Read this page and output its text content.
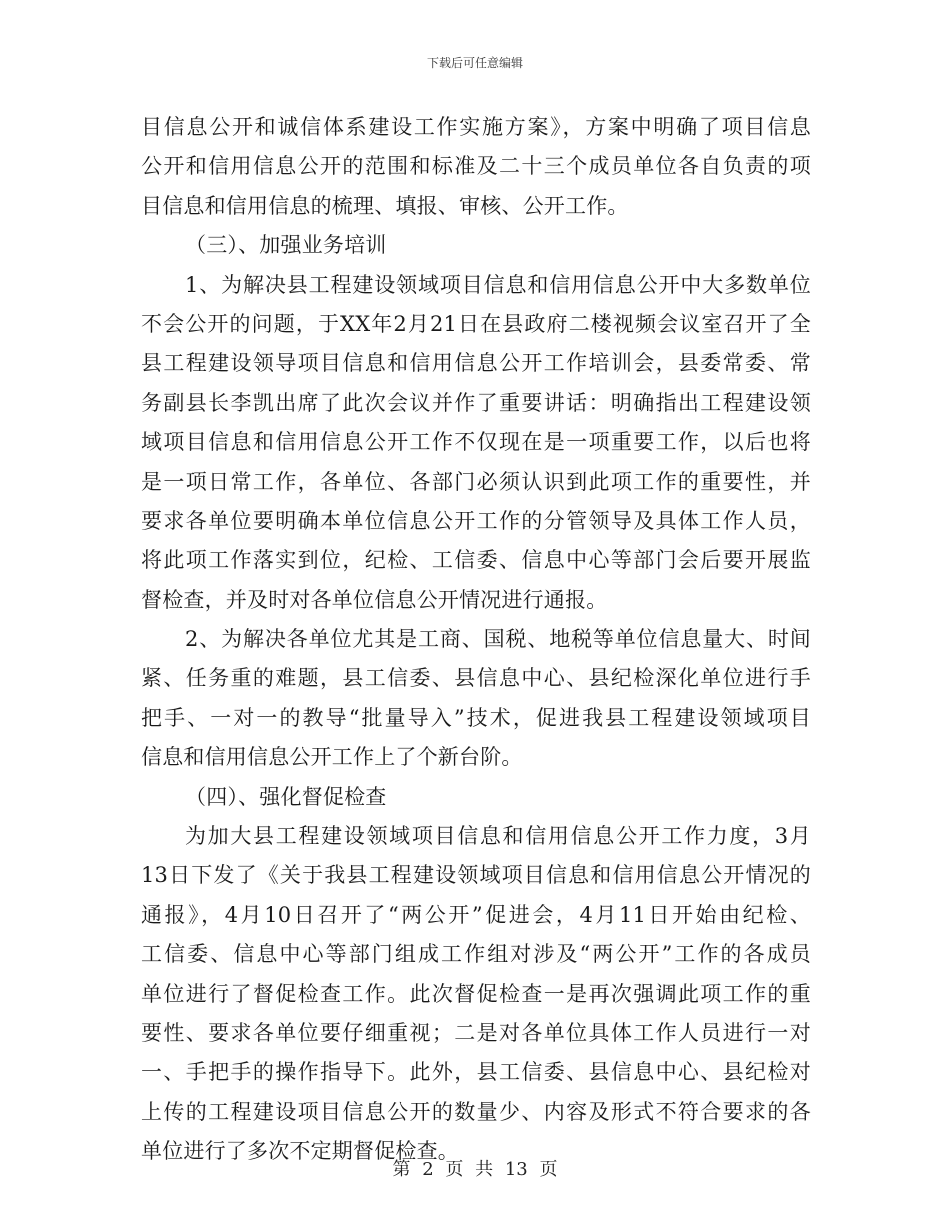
下载后可任意编辑
目信息公开和诚信体系建设工作实施方案》，方案中明确了项目信息
公开和信用信息公开的范围和标准及二十三个成员单位各自负责的项
目信息和信用信息的梳理、填报、审核、公开工作。
（三）、加强业务培训
1、为解决县工程建设领域项目信息和信用信息公开中大多数单位
不会公开的问题，于XX年2月21日在县政府二楼视频会议室召开了全
县工程建设领导项目信息和信用信息公开工作培训会，县委常委、常
务副县长李凯出席了此次会议并作了重要讲话：明确指出工程建设领
域项目信息和信用信息公开工作不仅现在是一项重要工作，以后也将
是一项日常工作，各单位、各部门必须认识到此项工作的重要性，并
要求各单位要明确本单位信息公开工作的分管领导及具体工作人员，
将此项工作落实到位，纪检、工信委、信息中心等部门会后要开展监
督检查，并及时对各单位信息公开情况进行通报。
2、为解决各单位尤其是工商、国税、地税等单位信息量大、时间
紧、任务重的难题，县工信委、县信息中心、县纪检深化单位进行手
把手、一对一的教导“批量导入”技术，促进我县工程建设领域项目
信息和信用信息公开工作上了个新台阶。
（四）、强化督促检查
为加大县工程建设领域项目信息和信用信息公开工作力度，3月
13日下发了《关于我县工程建设领域项目信息和信用信息公开情况的
通报》，4月10日召开了“两公开”促进会，4月11日开始由纪检、
工信委、信息中心等部门组成工作组对涉及“两公开”工作的各成员
单位进行了督促检查工作。此次督促检查一是再次强调此项工作的重
要性、要求各单位要仔细重视；二是对各单位具体工作人员进行一对
一、手把手的操作指导下。此外，县工信委、县信息中心、县纪检对
上传的工程建设项目信息公开的数量少、内容及形式不符合要求的各
单位进行了多次不定期督促检查。
第 2 页 共 13 页
